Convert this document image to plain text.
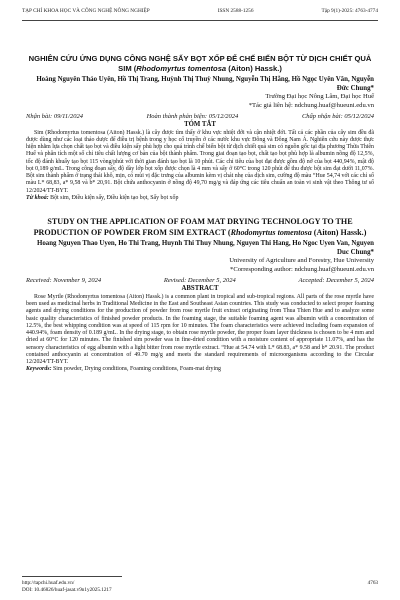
TẠP CHÍ KHOA HỌC VÀ CÔNG NGHỆ NÔNG NGHIỆP	ISSN 2588-1256	Tập 9(1)-2025: 4763-4774
NGHIÊN CỨU ỨNG DỤNG CÔNG NGHỆ SẤY BỌT XỐP ĐỂ CHẾ BIẾN BỘT TỪ DỊCH CHIẾT QUẢ SIM (Rhodomyrtus tomentosa (Aiton) Hassk.)
Hoàng Nguyên Thảo Uyên, Hồ Thị Trang, Huỳnh Thị Thuỳ Nhung, Nguyễn Thị Hằng, Hồ Ngọc Uyên Vân, Nguyễn Đức Chung*
Trường Đại học Nông Lâm, Đại học Huế
*Tác giả liên hệ: ndchung.huaf@hueuni.edu.vn
Nhận bài: 09/11/2024	Hoàn thành phản biện: 05/12/2024	Chấp nhận bài: 05/12/2024
TÓM TẮT

Sim (Rhodomyrtus tomentosa (Aiton) Hassk.) là cây được tìm thấy ở khu vực nhiệt đới và cận nhiệt đới. Tất cả các phần của cây sim đều đã được dùng như các loại thảo dược để điều trị bệnh trong y học cổ truyền ở các nước khu vực Đông và Đông Nam Á. Nghiên cứu này được thực hiện nhằm lựa chọn chất tạo bọt và điều kiện sấy phù hợp cho quá trình chế biến bột từ dịch chiết quả sim có nguồn gốc tại địa phương Thừa Thiên Huế và phân tích một số chỉ tiêu chất lượng cơ bản của bột thành phẩm. Trong giai đoạn tạo bọt, chất tạo bọt phù hợp là albumin nồng độ 12,5%, tốc độ đánh khuấy tạo bọt 115 vòng/phút với thời gian đánh tạo bọt là 10 phút. Các chỉ tiêu của bọt đạt được gồm độ nở của bọt 440,94%, mật độ bọt 0,189 g/mL. Trong công đoạn sấy, độ dày lớp bọt xốp được chọn là 4 mm và sấy ở 60°C trong 120 phút để thu được bột sim đạt dưới 11,07%. Bột sim thành phẩm ở trạng thái khô, mịn, có mùi vị đặc trưng của albumin kèm vị chát nhẹ của dịch sim, cường độ màu “Hue 54,74 với các chỉ số màu L* 68,83, a* 9,58 và b* 20,91. Bột chứa anthocyanin ở nồng độ 49,70 mg/g và đáp ứng các tiêu chuẩn an toàn vi sinh vật theo Thông tư số 12/2024/TT-BYT.

Từ khoá: Bột sim, Điều kiện sấy, Điều kiện tạo bọt, Sấy bọt xốp

STUDY ON THE APPLICATION OF FOAM MAT DRYING TECHNOLOGY TO THE PRODUCTION OF POWDER FROM SIM EXTRACT (Rhodomyrtus tomentosa (Aiton) Hassk.)
Hoang Nguyen Thao Uyen, Ho Thi Trang, Huynh Thi Thuy Nhung, Nguyen Thi Hang, Ho Ngoc Uyen Van, Nguyen Duc Chung*
University of Agriculture and Forestry, Hue University
*Corresponding author: ndchung.huaf@hueuni.edu.vn
Received: November 9, 2024	Revised: December 5, 2024	Accepted: December 5, 2024
ABSTRACT

Rose Myrtle (Rhodomyrtus tomentosa (Aiton) Hassk.) is a common plant in tropical and sub-tropical regions. All parts of the rose myrtle have been used as medicinal herbs in Traditional Medicine in the East and Southeast Asian countries. This study was conducted to select proper foaming agents and drying conditions for the production of powder from rose myrtle fruit extract originating from Thua Thien Hue and to analyze some basic quality characteristics of finished powder products. In the foaming stage, the suitable foaming agent was albumin with a concentration of 12.5%, the best whipping condition was at speed of 115 rpm for 10 minutes. The foam characteristics were achieved including foam expansion of 440.94%, foam density of 0.189 g/mL. In the drying stage, to obtain rose myrtle powder, the proper foam layer thickness is chosen to be 4 mm and dried at 60°C for 120 minutes. The finished sim powder was in fine-dried condition with a moisture content of appropriate 11.07%, and has the sensory characteristics of egg albumin with a light bitter from rose myrtle extract. “Hue at 54.74 with L* 68.83, a* 9.58 and b* 20.91. The product contained anthocyanin at concentration of 49.70 mg/g and meets the standard requirements of microorganisms according to the Circular 12/2024/TT-BYT.

Keywords: Sim powder, Drying conditions, Foaming conditions, Foam-mat drying

http://tapchi.huaf.edu.vn/	4763
DOI: 10.46826/huaf-jasat.v9n1y2025.1217
